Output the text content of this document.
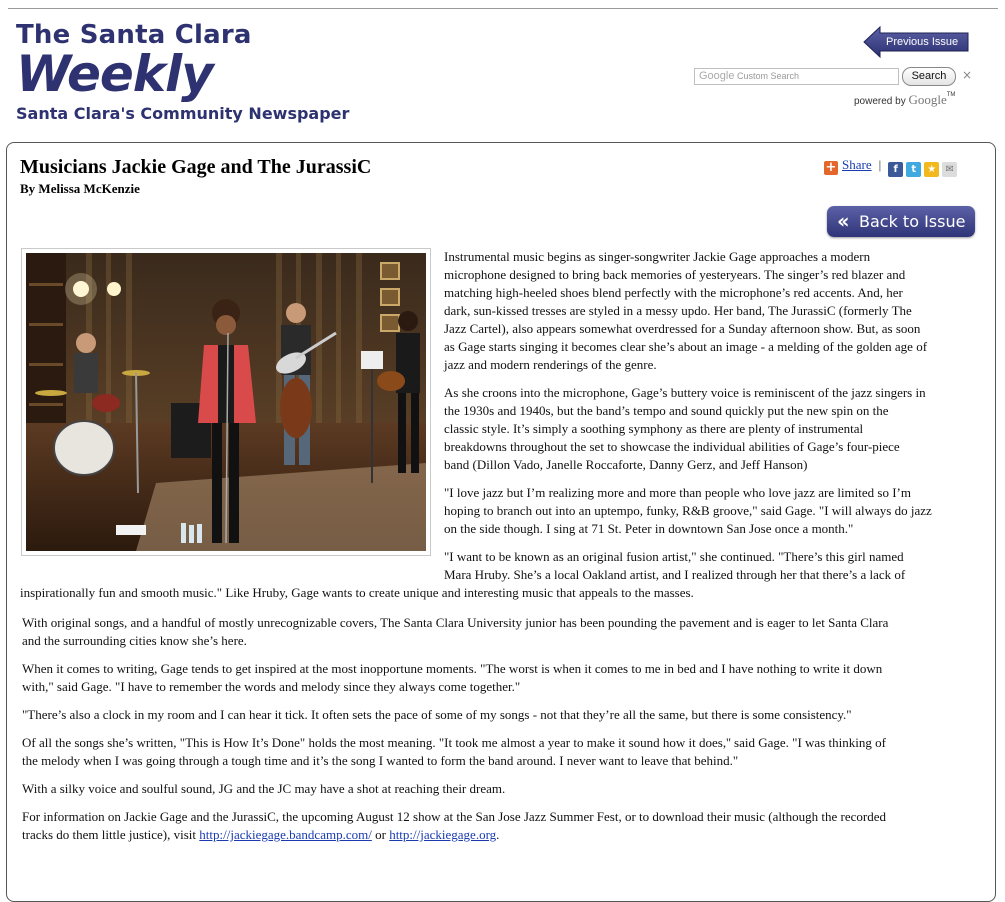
The Santa Clara
Weekly
Santa Clara's Community Newspaper
Previous Issue
Google Custom Search	Search	×
powered by Google™
Musicians Jackie Gage and The JurassiC
By Melissa McKenzie
+ Share | f t ★ ✉
‹‹ Back to Issue

Instrumental music begins as singer-songwriter Jackie Gage approaches a modern
microphone designed to bring back memories of yesteryears. The singer’s red blazer and
matching high-heeled shoes blend perfectly with the microphone’s red accents. And, her
dark, sun-kissed tresses are styled in a messy updo. Her band, The JurassiC (formerly The
Jazz Cartel), also appears somewhat overdressed for a Sunday afternoon show. But, as soon
as Gage starts singing it becomes clear she’s about an image - a melding of the golden age of
jazz and modern renderings of the genre.

As she croons into the microphone, Gage’s buttery voice is reminiscent of the jazz singers in
the 1930s and 1940s, but the band’s tempo and sound quickly put the new spin on the
classic style. It’s simply a soothing symphony as there are plenty of instrumental
breakdowns throughout the set to showcase the individual abilities of Gage’s four-piece
band (Dillon Vado, Janelle Roccaforte, Danny Gerz, and Jeff Hanson)

"I love jazz but I’m realizing more and more than people who love jazz are limited so I’m
hoping to branch out into an uptempo, funky, R&B groove," said Gage. "I will always do jazz
on the side though. I sing at 71 St. Peter in downtown San Jose once a month."

"I want to be known as an original fusion artist," she continued. "There’s this girl named
Mara Hruby. She’s a local Oakland artist, and I realized through her that there’s a lack of

inspirationally fun and smooth music." Like Hruby, Gage wants to create unique and interesting music that appeals to the masses.

With original songs, and a handful of mostly unrecognizable covers, The Santa Clara University junior has been pounding the pavement and is eager to let Santa Clara
and the surrounding cities know she’s here.

When it comes to writing, Gage tends to get inspired at the most inopportune moments. "The worst is when it comes to me in bed and I have nothing to write it down
with," said Gage. "I have to remember the words and melody since they always come together."

"There’s also a clock in my room and I can hear it tick. It often sets the pace of some of my songs - not that they’re all the same, but there is some consistency."

Of all the songs she’s written, "This is How It’s Done" holds the most meaning. "It took me almost a year to make it sound how it does,'' said Gage. "I was thinking of
the melody when I was going through a tough time and it’s the song I wanted to form the band around. I never want to leave that behind."

With a silky voice and soulful sound, JG and the JC may have a shot at reaching their dream.

For information on Jackie Gage and the JurassiC, the upcoming August 12 show at the San Jose Jazz Summer Fest, or to download their music (although the recorded
tracks do them little justice), visit http://jackiegage.bandcamp.com/ or http://jackiegage.org.
